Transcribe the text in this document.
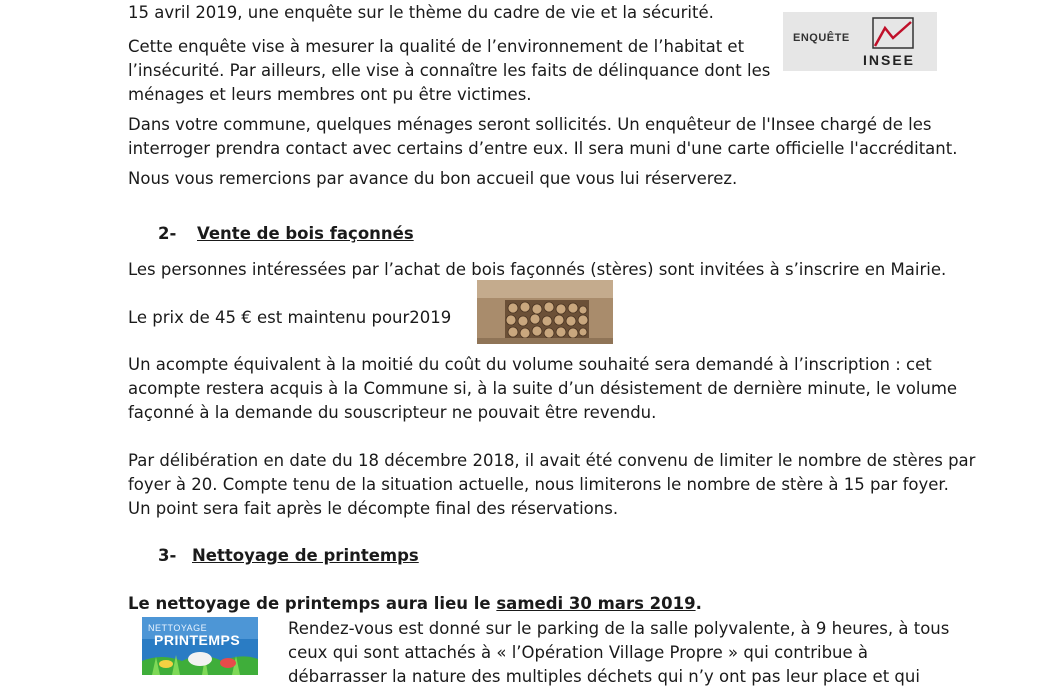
15 avril 2019, une enquête sur le thème du cadre de vie et la sécurité.
Cette enquête vise à mesurer la qualité de l’environnement de l’habitat et
l’insécurité. Par ailleurs, elle vise à connaître les faits de délinquance dont les
ménages et leurs membres ont pu être victimes.
Dans votre commune, quelques ménages seront sollicités. Un enquêteur de l'Insee chargé de les
interroger prendra contact avec certains d’entre eux. Il sera muni d'une carte officielle l'accréditant.
Nous vous remercions par avance du bon accueil que vous lui réserverez.
ENQUÊTE
INSEE
2- Vente de bois façonnés
Les personnes intéressées par l’achat de bois façonnés (stères) sont invitées à s’inscrire en Mairie.
Le prix de 45 € est maintenu pour2019
Un acompte équivalent à la moitié du coût du volume souhaité sera demandé à l’inscription : cet
acompte restera acquis à la Commune si, à la suite d’un désistement de dernière minute, le volume
façonné à la demande du souscripteur ne pouvait être revendu.
Par délibération en date du 18 décembre 2018, il avait été convenu de limiter le nombre de stères par
foyer à 20. Compte tenu de la situation actuelle, nous limiterons le nombre de stère à 15 par foyer.
Un point sera fait après le décompte final des réservations.
3- Nettoyage de printemps
Le nettoyage de printemps aura lieu le samedi 30 mars 2019.
NETTOYAGE
PRINTEMPS
Rendez-vous est donné sur le parking de la salle polyvalente, à 9 heures, à tous
ceux qui sont attachés à « l’Opération Village Propre » qui contribue à
débarrasser la nature des multiples déchets qui n’y ont pas leur place et qui
